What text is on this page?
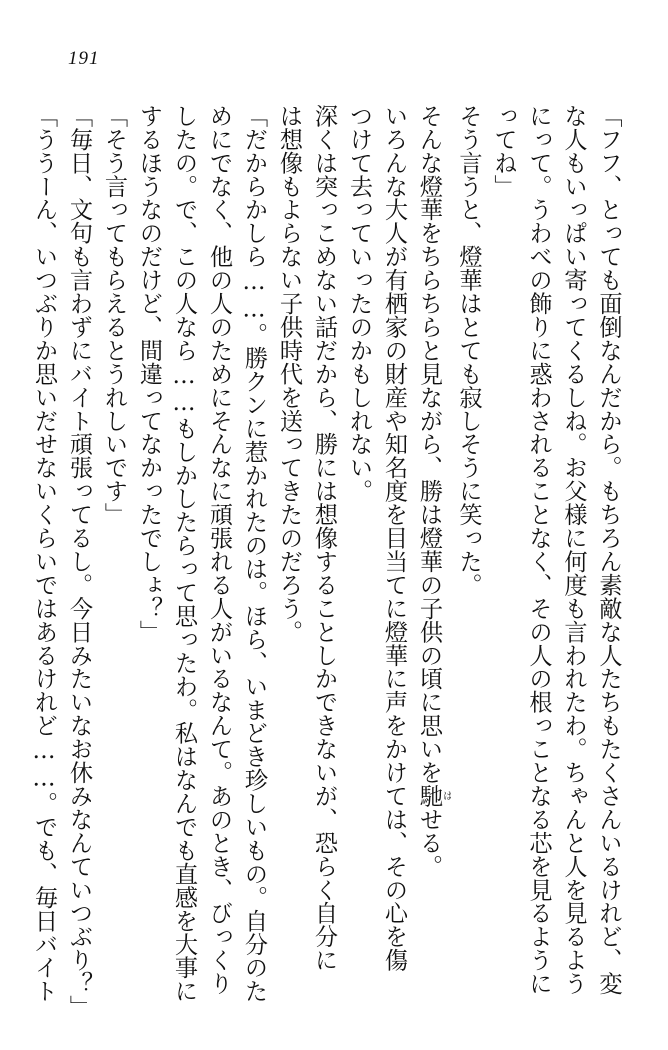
191
「フフ、とっても面倒なんだから。もちろん素敵な人たちもたくさんいるけれど、変
な人もいっぱい寄ってくるしね。お父様に何度も言われたわ。ちゃんと人を見るよう
にって。うわべの飾りに惑わされることなく、その人の根っことなる芯を見るように
ってね」
そう言うと、燈華はとても寂しそうに笑った。
そんな燈華をちらちらと見ながら、勝は燈華の子供の頃に思いを馳はせる。
いろんな大人が有栖家の財産や知名度を目当てに燈華に声をかけては、その心を傷
つけて去っていったのかもしれない。
深くは突っこめない話だから、勝には想像することしかできないが、恐らく自分に
は想像もよらない子供時代を送ってきたのだろう。
「だからかしら……。勝クンに惹かれたのは。ほら、いまどき珍しいもの。自分のた
めにでなく、他の人のためにそんなに頑張れる人がいるなんて。あのとき、びっくり
したの。で、この人なら……もしかしたらって思ったわ。私はなんでも直感を大事に
するほうなのだけど、間違ってなかったでしょ？」
「そう言ってもらえるとうれしいです」
「毎日、文句も言わずにバイト頑張ってるし。今日みたいなお休みなんていつぶり？」
「ううーん、いつぶりか思いだせないくらいではあるけれど……。でも、毎日バイト
